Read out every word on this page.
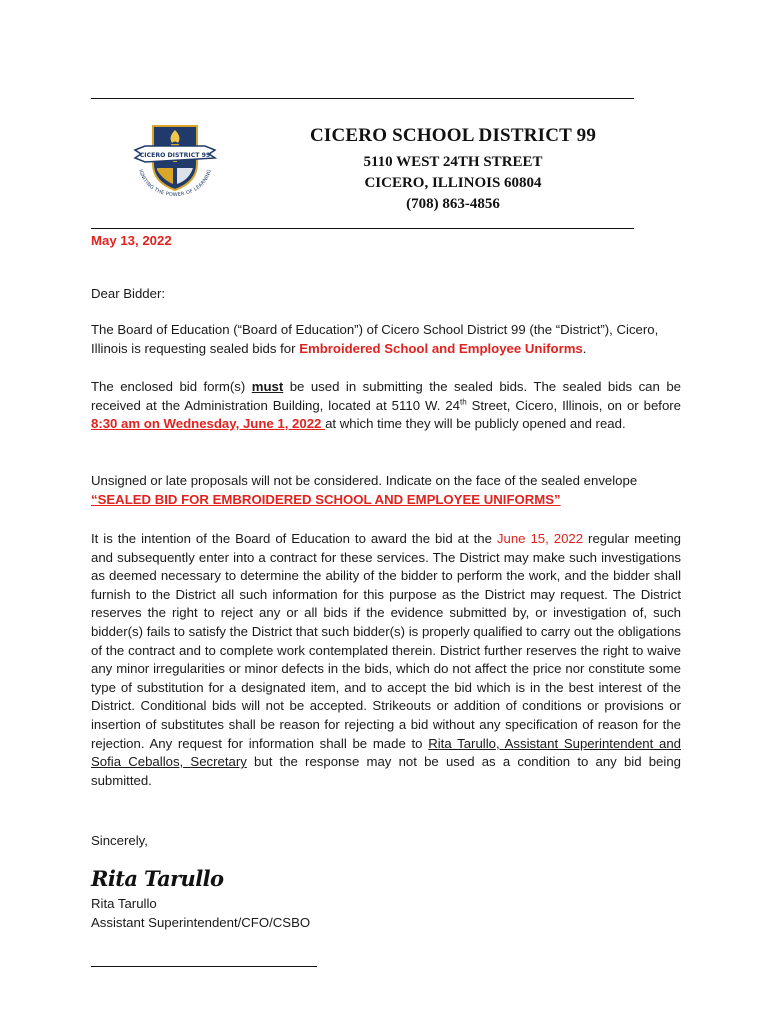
CICERO DISTRICT 99
IGNITING THE POWER OF LEARNING
CICERO SCHOOL DISTRICT 99
5110 WEST 24TH STREET
CICERO, ILLINOIS 60804
(708) 863-4856
May 13, 2022
Dear Bidder:
The Board of Education (“Board of Education”) of Cicero School District 99 (the “District”), Cicero, Illinois is requesting sealed bids for Embroidered School and Employee Uniforms.
The enclosed bid form(s) must be used in submitting the sealed bids. The sealed bids can be received at the Administration Building, located at 5110 W. 24th Street, Cicero, Illinois, on or before 8:30 am on Wednesday, June 1, 2022 at which time they will be publicly opened and read.
Unsigned or late proposals will not be considered. Indicate on the face of the sealed envelope
“SEALED BID FOR EMBROIDERED SCHOOL AND EMPLOYEE UNIFORMS”
It is the intention of the Board of Education to award the bid at the June 15, 2022 regular meeting and subsequently enter into a contract for these services. The District may make such investigations as deemed necessary to determine the ability of the bidder to perform the work, and the bidder shall furnish to the District all such information for this purpose as the District may request. The District reserves the right to reject any or all bids if the evidence submitted by, or investigation of, such bidder(s) fails to satisfy the District that such bidder(s) is properly qualified to carry out the obligations of the contract and to complete work contemplated therein. District further reserves the right to waive any minor irregularities or minor defects in the bids, which do not affect the price nor constitute some type of substitution for a designated item, and to accept the bid which is in the best interest of the District. Conditional bids will not be accepted. Strikeouts or addition of conditions or provisions or insertion of substitutes shall be reason for rejecting a bid without any specification of reason for the rejection. Any request for information shall be made to Rita Tarullo, Assistant Superintendent and Sofia Ceballos, Secretary but the response may not be used as a condition to any bid being submitted.
Sincerely,
Rita Tarullo
Rita Tarullo
Assistant Superintendent/CFO/CSBO
